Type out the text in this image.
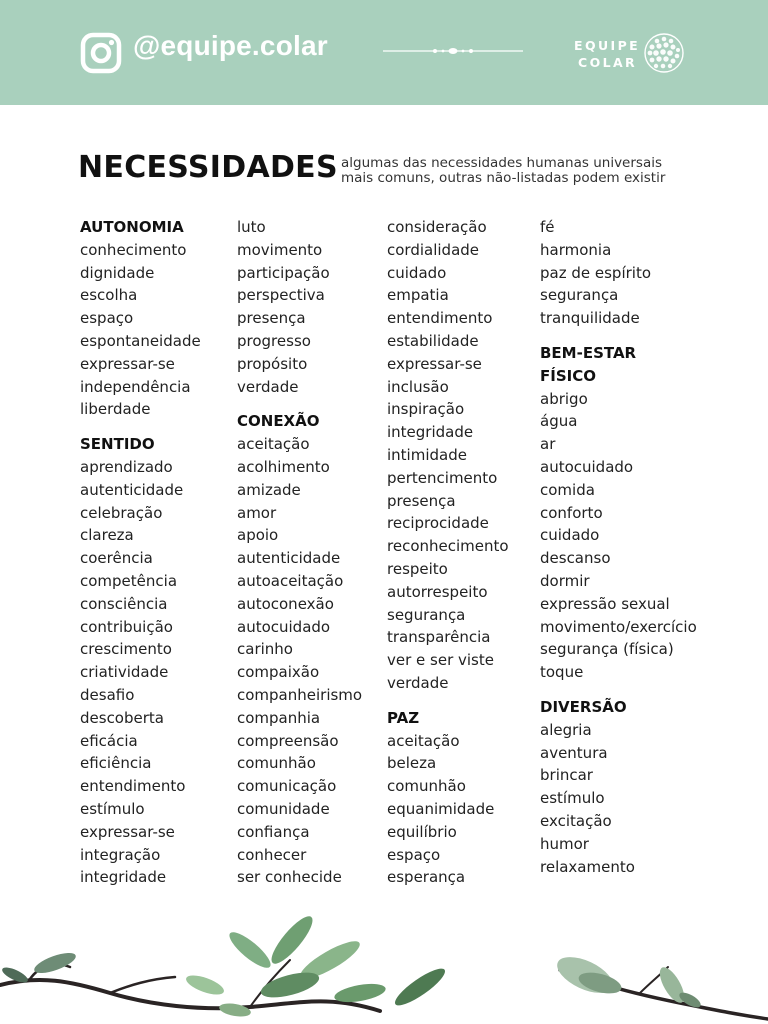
@equipe.colar	EQUIPE
COLAR
NECESSIDADES algumas das necessidades humanas universais
mais comuns, outras não-listadas podem existir
AUTONOMIA
conhecimento
dignidade
escolha
espaço
espontaneidade
expressar-se
independência
liberdade
SENTIDO
aprendizado
autenticidade
celebração
clareza
coerência
competência
consciência
contribuição
crescimento
criatividade
desafio
descoberta
eficácia
eficiência
entendimento
estímulo
expressar-se
integração
integridade
luto
movimento
participação
perspectiva
presença
progresso
propósito
verdade
CONEXÃO
aceitação
acolhimento
amizade
amor
apoio
autenticidade
autoaceitação
autoconexão
autocuidado
carinho
compaixão
companheirismo
companhia
compreensão
comunhão
comunicação
comunidade
confiança
conhecer
ser conhecide
consideração
cordialidade
cuidado
empatia
entendimento
estabilidade
expressar-se
inclusão
inspiração
integridade
intimidade
pertencimento
presença
reciprocidade
reconhecimento
respeito
autorrespeito
segurança
transparência
ver e ser viste
verdade
PAZ
aceitação
beleza
comunhão
equanimidade
equilíbrio
espaço
esperança
fé
harmonia
paz de espírito
segurança
tranquilidade
BEM-ESTAR
FÍSICO
abrigo
água
ar
autocuidado
comida
conforto
cuidado
descanso
dormir
expressão sexual
movimento/exercício
segurança (física)
toque
DIVERSÃO
alegria
aventura
brincar
estímulo
excitação
humor
relaxamento
